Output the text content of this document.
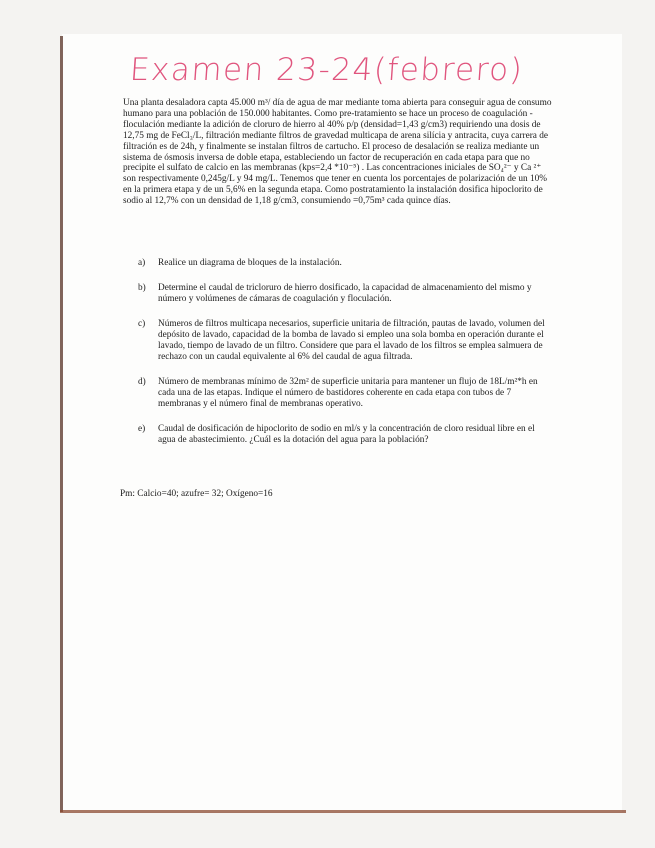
Examen 23-24(febrero)
Una planta desaladora capta 45.000 m³/ día de agua de mar mediante toma abierta para conseguir agua de consumo humano para una población de 150.000 habitantes. Como pre-tratamiento se hace un proceso de coagulación -floculación mediante la adición de cloruro de hierro al 40% p/p (densidad=1,43 g/cm3) requiriendo una dosis de 12,75 mg de FeCl₃/L, filtración mediante filtros de gravedad multicapa de arena silícia y antracita, cuya carrera de filtración es de 24h, y finalmente se instalan filtros de cartucho. El proceso de desalación se realiza mediante un sistema de ósmosis inversa de doble etapa, estableciendo un factor de recuperación en cada etapa para que no precipite el sulfato de calcio en las membranas (kps=2,4 *10⁻⁵) . Las concentraciones iniciales de SO₄²⁻ y Ca ²⁺ son respectivamente 0,245g/L y 94 mg/L. Tenemos que tener en cuenta los porcentajes de polarización de un 10% en la primera etapa y de un 5,6% en la segunda etapa. Como postratamiento la instalación dosifica hipoclorito de sodio al 12,7% con un densidad de 1,18 g/cm3, consumiendo =0,75m³ cada quince días.
a) Realice un diagrama de bloques de la instalación.
b) Determine el caudal de tricloruro de hierro dosificado, la capacidad de almacenamiento del mismo y número y volúmenes de cámaras de coagulación y floculación.
c) Números de filtros multicapa necesarios, superficie unitaria de filtración, pautas de lavado, volumen del depósito de lavado, capacidad de la bomba de lavado si empleo una sola bomba en operación durante el lavado, tiempo de lavado de un filtro. Considere que para el lavado de los filtros se emplea salmuera de rechazo con un caudal equivalente al 6% del caudal de agua filtrada.
d) Número de membranas mínimo de 32m² de superficie unitaria para mantener un flujo de 18L/m²*h en cada una de las etapas. Indique el número de bastidores coherente en cada etapa con tubos de 7 membranas y el número final de membranas operativo.
e) Caudal de dosificación de hipoclorito de sodio en ml/s y la concentración de cloro residual libre en el agua de abastecimiento. ¿Cuál es la dotación del agua para la población?
Pm: Calcio=40; azufre= 32; Oxígeno=16
